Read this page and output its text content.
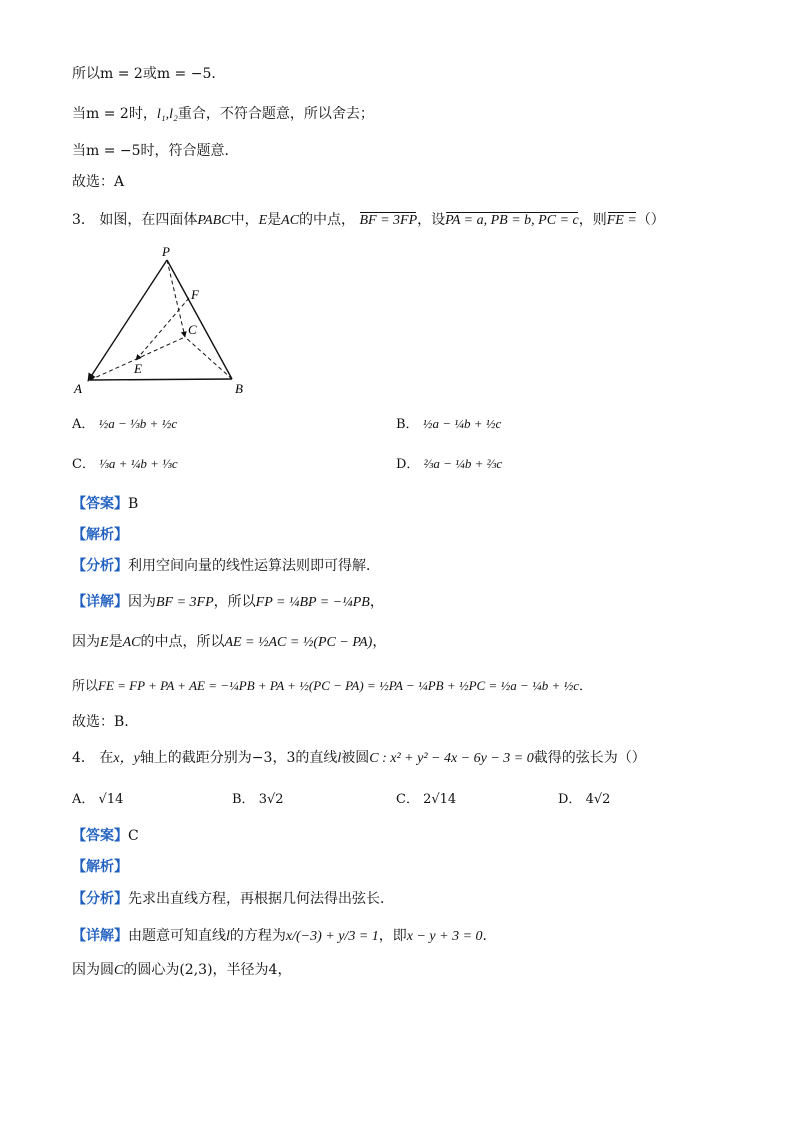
所以m = 2或m = −5．
当m = 2时，l₁,l₂重合，不符合题意，所以舍去；
当m = −5时，符合题意．
故选：A
3． 如图，在四面体PABC中，E是AC的中点， BF = 3FP，设PA = a, PB = b, PC = c，则FE =（）
P
F
C
E
A	B
A． ½a − ⅓b + ½c	B． ½a − ¼b + ½c
C． ⅓a + ¼b + ⅓c	D． ⅔a − ¼b + ⅔c
【答案】B
【解析】
【分析】利用空间向量的线性运算法则即可得解．
【详解】因为BF = 3FP，所以FP = ¼BP = −¼PB，
因为E是AC的中点，所以AE = ½AC = ½(PC − PA)，
所以FE = FP + PA + AE = −¼PB + PA + ½(PC − PA) = ½PA − ¼PB + ½PC = ½a − ¼b + ½c．
故选：B.
4． 在x，y轴上的截距分别为−3，3的直线l被圆C : x² + y² − 4x − 6y − 3 = 0截得的弦长为（）
A． √14	B． 3√2	C． 2√14	D． 4√2
【答案】C
【解析】
【分析】先求出直线方程，再根据几何法得出弦长．
【详解】由题意可知直线l的方程为x/(−3) + y/3 = 1，即x − y + 3 = 0．
因为圆C的圆心为(2,3)，半径为4，
